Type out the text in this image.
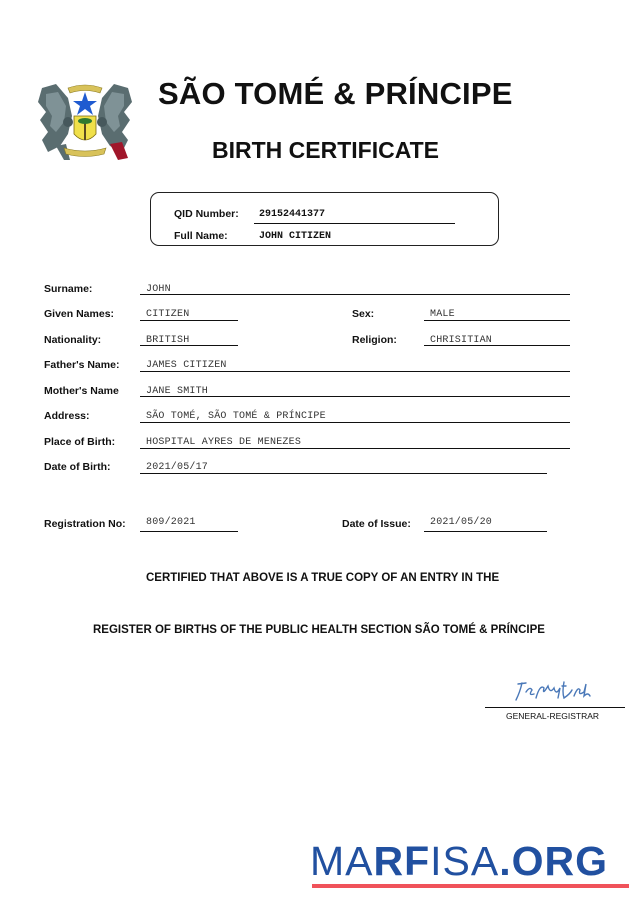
SÃO TOMÉ & PRÍNCIPE
BIRTH CERTIFICATE
QID Number: 29152441377
Full Name:	JOHN CITIZEN
Surname:	JOHN
Given Names:	CITIZEN	Sex:	MALE
Nationality:	BRITISH	Religion:	CHRISITIAN
Father's Name:	JAMES CITIZEN
Mother's Name	JANE SMITH
Address:	SÃO TOMÉ, SÃO TOMÉ & PRÍNCIPE
Place of Birth:	HOSPITAL AYRES DE MENEZES
Date of Birth:	2021/05/17
Registration No: 809/2021	Date of Issue: 2021/05/20
CERTIFIED THAT ABOVE IS A TRUE COPY OF AN ENTRY IN THE
REGISTER OF BIRTHS OF THE PUBLIC HEALTH SECTION SÃO TOMÉ & PRÍNCIPE
GENERAL-REGISTRAR
MARFISA.ORG
